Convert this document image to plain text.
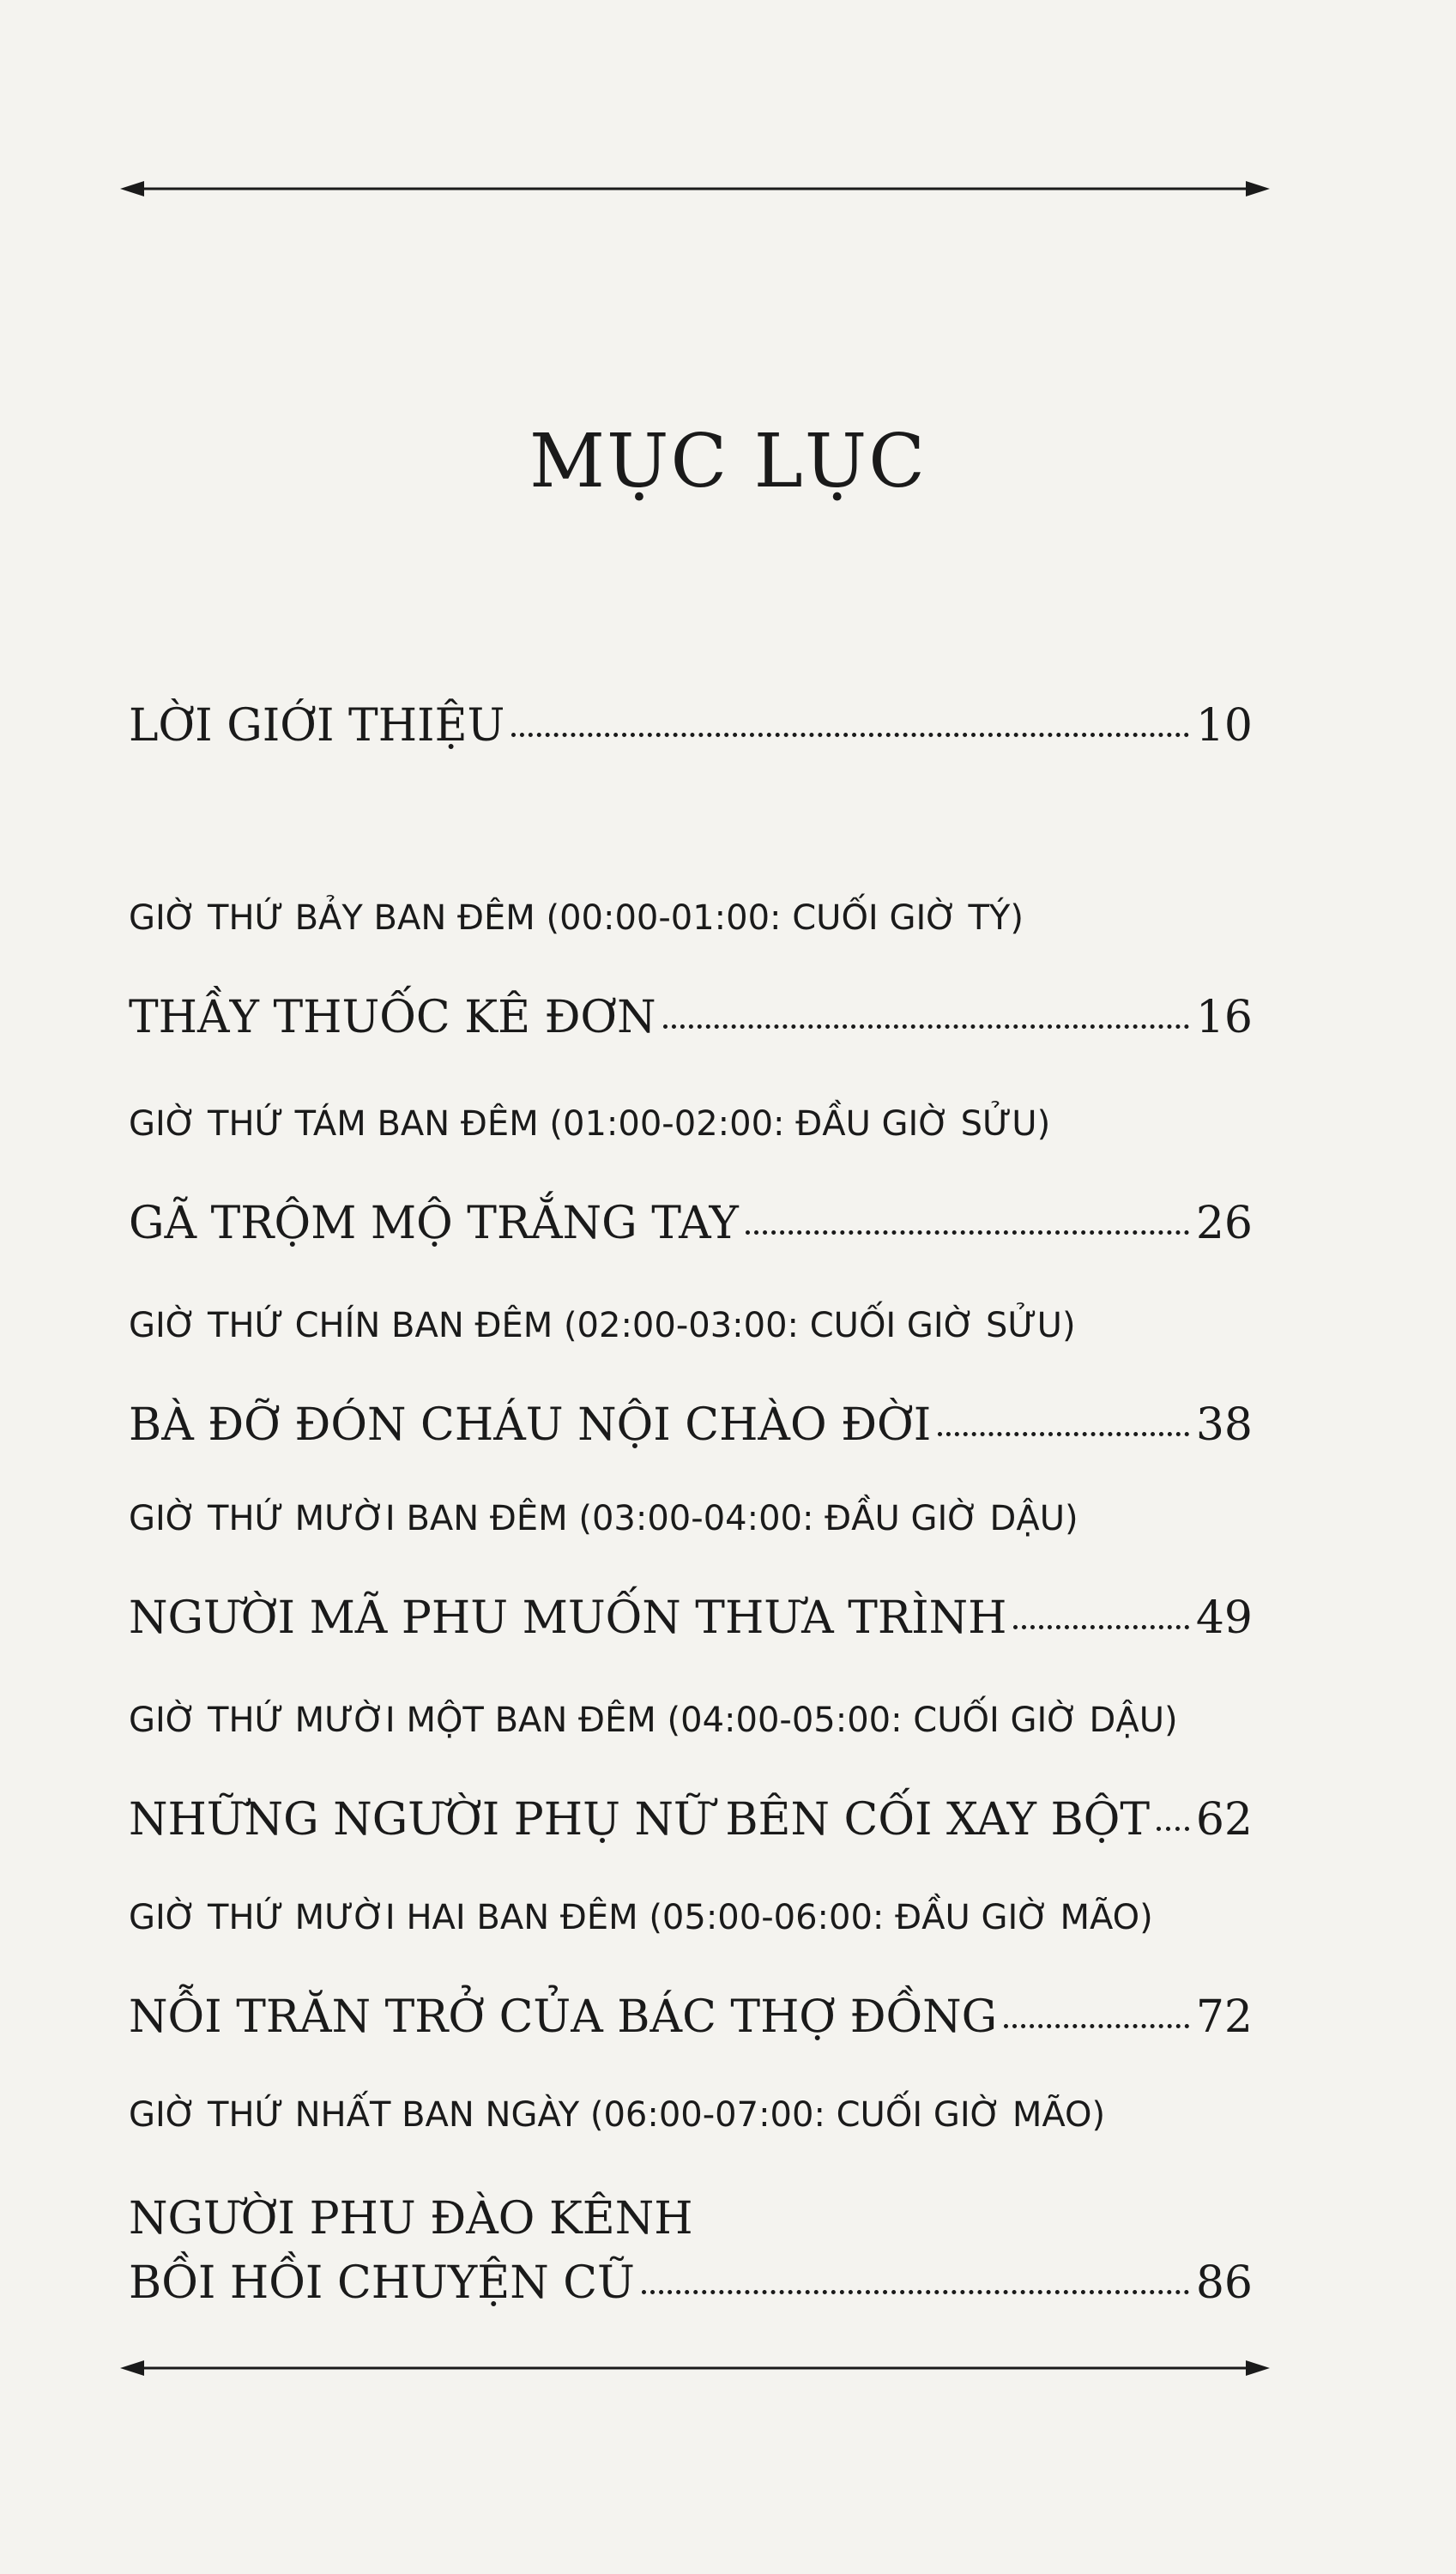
MỤC LỤC
LỜI GIỚI THIỆU	10
GIỜ THỨ BẢY BAN ĐÊM (00:00-01:00: CUỐI GIỜ TÝ)
THẦY THUỐC KÊ ĐƠN	16
GIỜ THỨ TÁM BAN ĐÊM (01:00-02:00: ĐẦU GIỜ SỬU)
GÃ TRỘM MỘ TRẮNG TAY	26
GIỜ THỨ CHÍN BAN ĐÊM (02:00-03:00: CUỐI GIỜ SỬU)
BÀ ĐỠ ĐÓN CHÁU NỘI CHÀO ĐỜI	38
GIỜ THỨ MƯỜI BAN ĐÊM (03:00-04:00: ĐẦU GIỜ DẬU)
NGƯỜI MÃ PHU MUỐN THƯA TRÌNH	49
GIỜ THỨ MƯỜI MỘT BAN ĐÊM (04:00-05:00: CUỐI GIỜ DẬU)
NHỮNG NGƯỜI PHỤ NỮ BÊN CỐI XAY BỘT 62
GIỜ THỨ MƯỜI HAI BAN ĐÊM (05:00-06:00: ĐẦU GIỜ MÃO)
NỖI TRĂN TRỞ CỦA BÁC THỢ ĐỒNG	72
GIỜ THỨ NHẤT BAN NGÀY (06:00-07:00: CUỐI GIỜ MÃO)
NGƯỜI PHU ĐÀO KÊNH
BỒI HỒI CHUYỆN CŨ	86
